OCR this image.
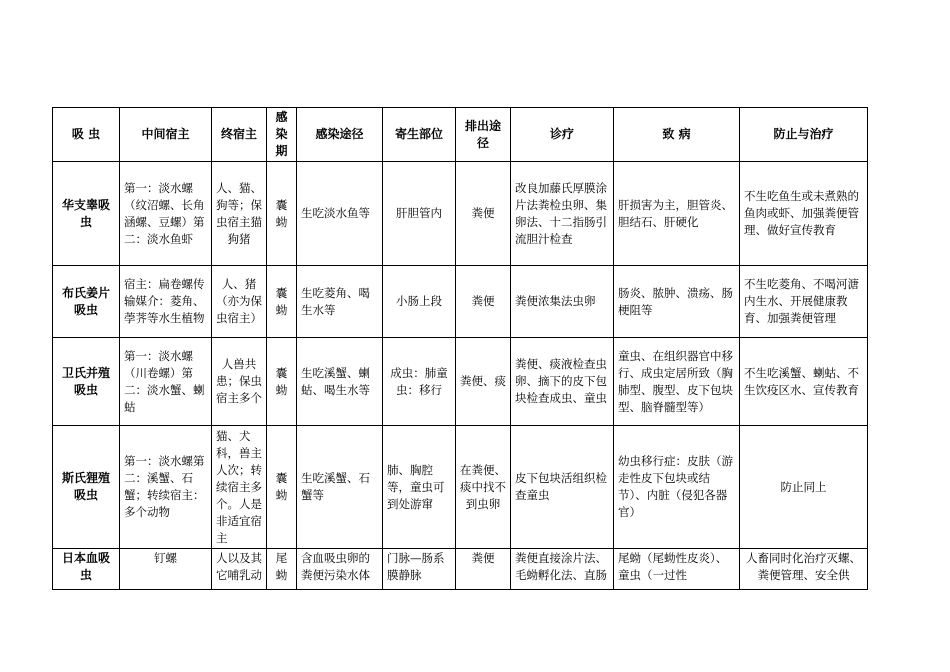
吸 虫	中间宿主	终宿主	感染期	感染途径	寄生部位	排出途径	诊疗	致 病	防止与治疗
华支睾吸虫	第一：淡水螺（纹沼螺、长角涵螺、豆螺）第二：淡水鱼虾	人、猫、狗等；保虫宿主猫狗猪	囊蚴	生吃淡水鱼等	肝胆管内	粪便	改良加藤氏厚膜涂片法粪检虫卵、集卵法、十二指肠引流胆汁检查	肝损害为主，胆管炎、胆结石、肝硬化	不生吃鱼生或未煮熟的鱼肉或虾、加强粪便管理、做好宣传教育
布氏姜片吸虫	宿主：扁卷螺传输媒介：菱角、荸荠等水生植物	人、猪（亦为保虫宿主）	囊蚴	生吃菱角、喝生水等	小肠上段	粪便	粪便浓集法虫卵	肠炎、脓肿、溃疡、肠梗阻等	不生吃菱角、不喝河溏内生水、开展健康教育、加强粪便管理
卫氏并殖吸虫	第一：淡水螺（川卷螺）第二：淡水蟹、蝲蛄	人兽共患；保虫宿主多个	囊蚴	生吃溪蟹、蝲蛄、喝生水等	成虫：肺童虫：移行	粪便、痰	粪便、痰液检查虫卵、摘下的皮下包块检查成虫、童虫	童虫、在组织器官中移行、成虫定居所致（胸肺型、腹型、皮下包块型、脑脊髓型等）	不生吃溪蟹、蝲蛄、不生饮疫区水、宣传教育
斯氏狸殖吸虫	第一：淡水螺第二：溪蟹、石蟹；转续宿主：多个动物	猫、犬科，兽主人次；转续宿主多个。人是非适宜宿主	囊蚴	生吃溪蟹、石蟹等	肺、胸腔等，童虫可到处游窜	在粪便、痰中找不到虫卵	皮下包块活组织检查童虫	幼虫移行症：皮肤（游走性皮下包块或结节）、内脏（侵犯各器官）	防止同上
日本血吸虫	钉螺	人以及其它哺乳动	尾蚴	含血吸虫卵的粪便污染水体	门脉—肠系膜静脉	粪便	粪便直接涂片法、毛蚴孵化法、直肠	尾蚴（尾蚴性皮炎）、童虫（一过性	人畜同时化治疗灭螺、粪便管理、安全供
